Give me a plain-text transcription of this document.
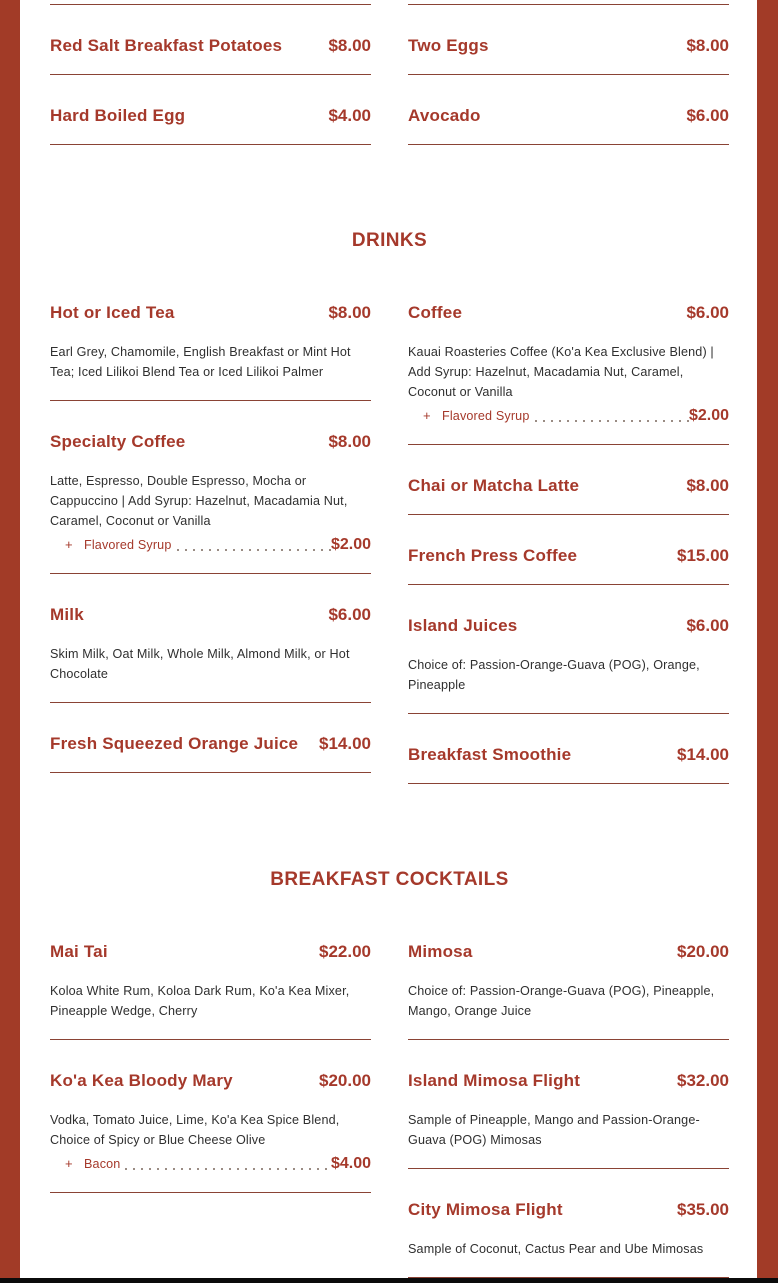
Red Salt Breakfast Potatoes	$8.00
Hard Boiled Egg	$4.00
Two Eggs	$8.00
Avocado	$6.00
DRINKS
Hot or Iced Tea	$8.00
Earl Grey, Chamomile, English Breakfast or Mint Hot Tea; Iced Lilikoi Blend Tea or Iced Lilikoi Palmer
Specialty Coffee	$8.00
Latte, Espresso, Double Espresso, Mocha or Cappuccino | Add Syrup: Hazelnut, Macadamia Nut, Caramel, Coconut or Vanilla
+ Flavored Syrup	$2.00
Milk	$6.00
Skim Milk, Oat Milk, Whole Milk, Almond Milk, or Hot Chocolate
Fresh Squeezed Orange Juice	$14.00
Coffee	$6.00
Kauai Roasteries Coffee (Ko'a Kea Exclusive Blend) | Add Syrup: Hazelnut, Macadamia Nut, Caramel, Coconut or Vanilla
+ Flavored Syrup	$2.00
Chai or Matcha Latte	$8.00
French Press Coffee	$15.00
Island Juices	$6.00
Choice of: Passion-Orange-Guava (POG), Orange, Pineapple
Breakfast Smoothie	$14.00
BREAKFAST COCKTAILS
Mai Tai	$22.00
Koloa White Rum, Koloa Dark Rum, Ko'a Kea Mixer, Pineapple Wedge, Cherry
Ko'a Kea Bloody Mary	$20.00
Vodka, Tomato Juice, Lime, Ko'a Kea Spice Blend, Choice of Spicy or Blue Cheese Olive
+ Bacon	$4.00
Mimosa	$20.00
Choice of: Passion-Orange-Guava (POG), Pineapple, Mango, Orange Juice
Island Mimosa Flight	$32.00
Sample of Pineapple, Mango and Passion-Orange-Guava (POG) Mimosas
City Mimosa Flight	$35.00
Sample of Coconut, Cactus Pear and Ube Mimosas
